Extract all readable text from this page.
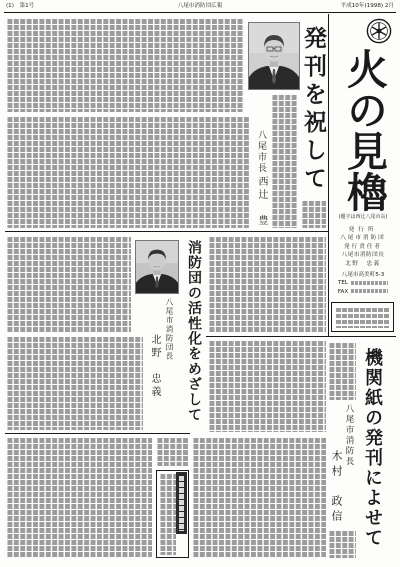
(1)　第1号	八尾市消防団広報	平成10年(1998) 2月
火の見櫓
(題字は西辻八尾市長)
発行所
八尾市消防団
発行責任者
八尾市消防団長
北野　忠義
八尾市高美町5-3
TEL
FAX
発刊を祝して
八尾市長
西辻　豊
消防団の活性化をめざして
八尾市消防団長
北野　忠義	機関紙の発刊によせて
八尾市消防長
木村　政信
